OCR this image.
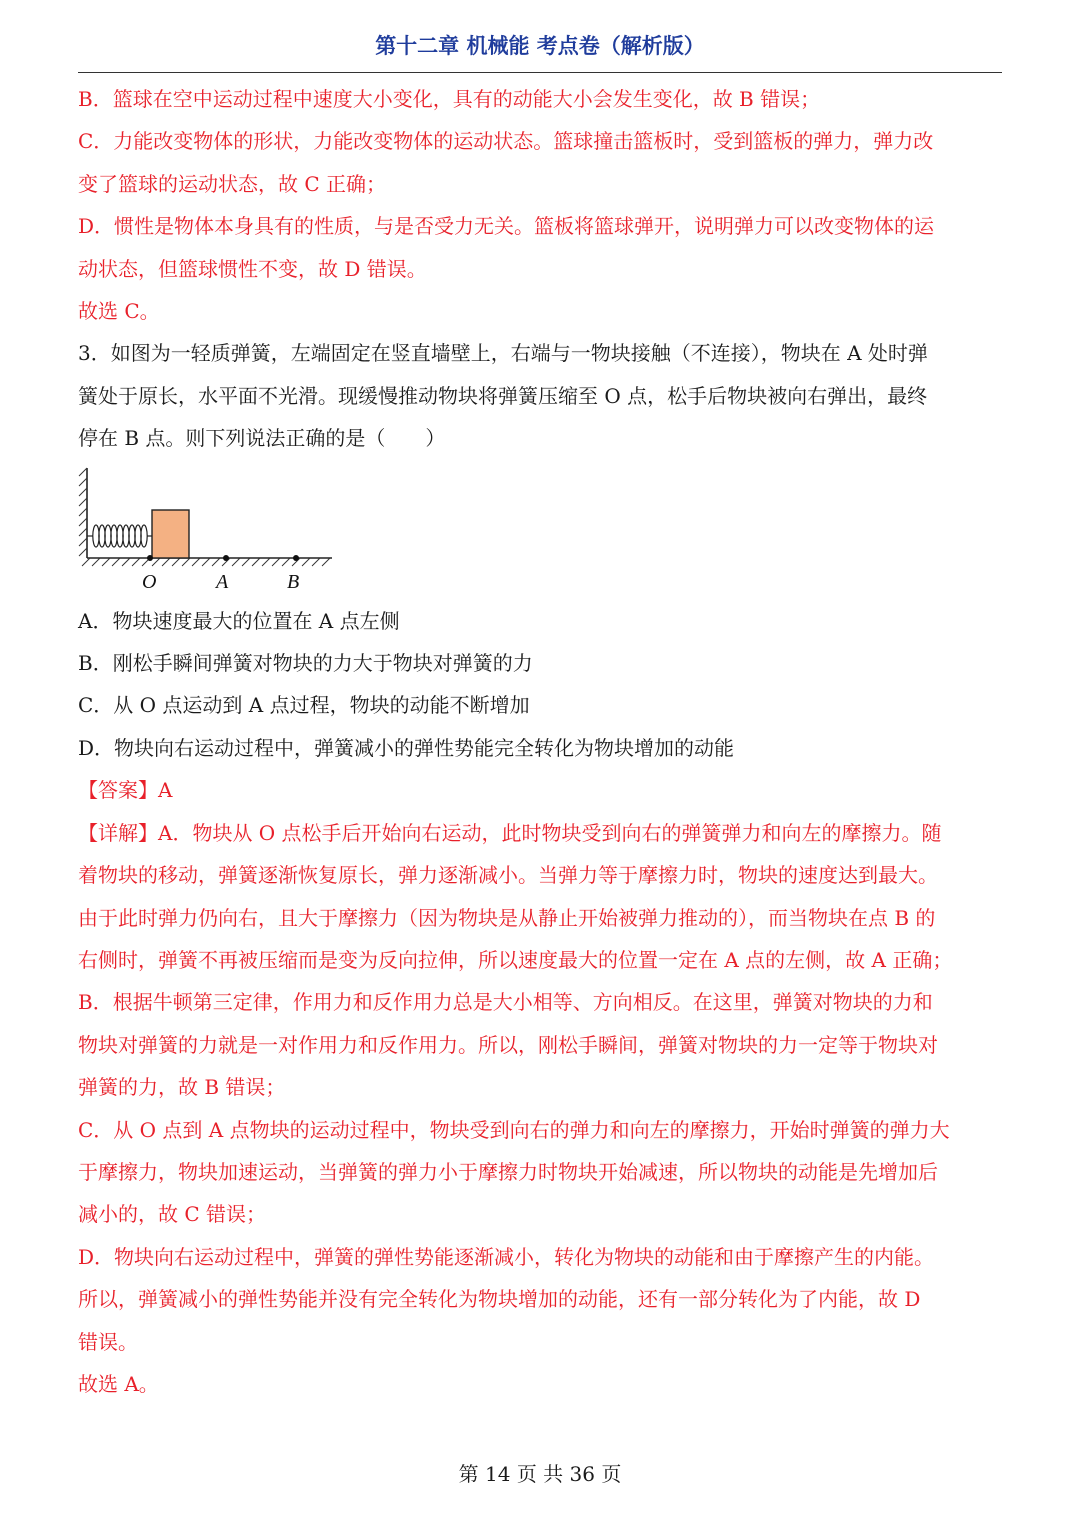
第十二章 机械能 考点卷（解析版）

B．篮球在空中运动过程中速度大小变化，具有的动能大小会发生变化，故 B 错误；

C．力能改变物体的形状，力能改变物体的运动状态。篮球撞击篮板时，受到篮板的弹力，弹力改

变了篮球的运动状态，故 C 正确；

D．惯性是物体本身具有的性质，与是否受力无关。篮板将篮球弹开，说明弹力可以改变物体的运

动状态，但篮球惯性不变，故 D 错误。

故选 C。

3．如图为一轻质弹簧，左端固定在竖直墙壁上，右端与一物块接触（不连接），物块在 A 处时弹

簧处于原长，水平面不光滑。现缓慢推动物块将弹簧压缩至 O 点，松手后物块被向右弹出，最终

停在 B 点。则下列说法正确的是（　　）

O	A	B

A．物块速度最大的位置在 A 点左侧

B．刚松手瞬间弹簧对物块的力大于物块对弹簧的力

C．从 O 点运动到 A 点过程，物块的动能不断增加

D．物块向右运动过程中，弹簧减小的弹性势能完全转化为物块增加的动能

【答案】A

【详解】A．物块从 O 点松手后开始向右运动，此时物块受到向右的弹簧弹力和向左的摩擦力。随

着物块的移动，弹簧逐渐恢复原长，弹力逐渐减小。当弹力等于摩擦力时，物块的速度达到最大。

由于此时弹力仍向右，且大于摩擦力（因为物块是从静止开始被弹力推动的），而当物块在点 B 的

右侧时，弹簧不再被压缩而是变为反向拉伸，所以速度最大的位置一定在 A 点的左侧，故 A 正确；

B．根据牛顿第三定律，作用力和反作用力总是大小相等、方向相反。在这里，弹簧对物块的力和

物块对弹簧的力就是一对作用力和反作用力。所以，刚松手瞬间，弹簧对物块的力一定等于物块对

弹簧的力，故 B 错误；

C．从 O 点到 A 点物块的运动过程中，物块受到向右的弹力和向左的摩擦力，开始时弹簧的弹力大

于摩擦力，物块加速运动，当弹簧的弹力小于摩擦力时物块开始减速，所以物块的动能是先增加后

减小的，故 C 错误；

D．物块向右运动过程中，弹簧的弹性势能逐渐减小，转化为物块的动能和由于摩擦产生的内能。

所以，弹簧减小的弹性势能并没有完全转化为物块增加的动能，还有一部分转化为了内能，故 D

错误。

故选 A。

第 14 页 共 36 页
